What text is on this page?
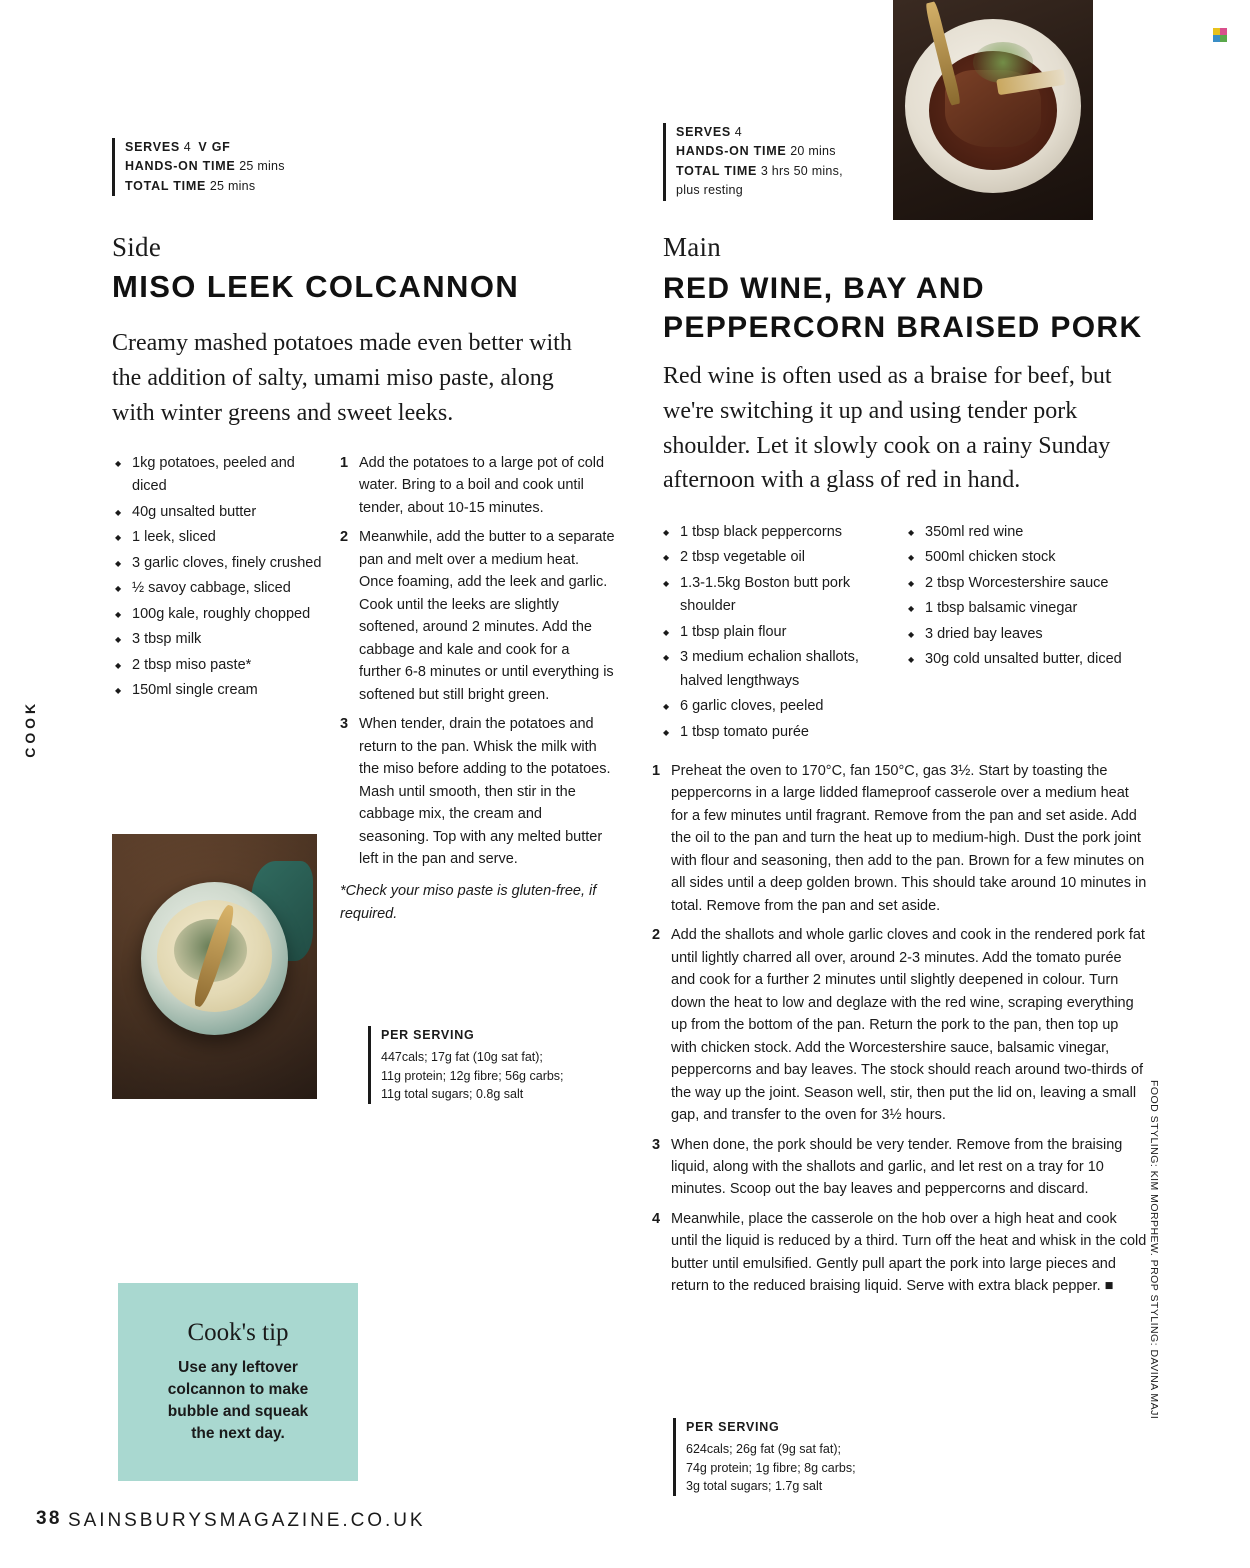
COOK
SERVES 4 V GF
HANDS-ON TIME 25 mins
TOTAL TIME 25 mins

Side

MISO LEEK COLCANNON

Creamy mashed potatoes made even better with the addition of salty, umami miso paste, along with winter greens and sweet leeks.

◆ 1kg potatoes, peeled and diced
◆ 40g unsalted butter
◆ 1 leek, sliced
◆ 3 garlic cloves, finely crushed
◆ ½ savoy cabbage, sliced
◆ 100g kale, roughly chopped
◆ 3 tbsp milk
◆ 2 tbsp miso paste*
◆ 150ml single cream
1 Add the potatoes to a large pot of cold water. Bring to a boil and cook until tender, about 10-15 minutes.
2 Meanwhile, add the butter to a separate pan and melt over a medium heat. Once foaming, add the leek and garlic. Cook until the leeks are slightly softened, around 2 minutes. Add the cabbage and kale and cook for a further 6-8 minutes or until everything is softened but still bright green.
3 When tender, drain the potatoes and return to the pan. Whisk the milk with the miso before adding to the potatoes. Mash until smooth, then stir in the cabbage mix, the cream and seasoning. Top with any melted butter left in the pan and serve.

*Check your miso paste is gluten-free, if required.

PER SERVING
447cals; 17g fat (10g sat fat);
11g protein; 12g fibre; 56g carbs;
11g total sugars; 0.8g salt
Cook's tip
Use any leftover
colcannon to make
bubble and squeak
the next day.
SERVES 4
HANDS-ON TIME 20 mins
TOTAL TIME 3 hrs 50 mins,
plus resting

Main

RED WINE, BAY AND PEPPERCORN BRAISED PORK

Red wine is often used as a braise for beef, but we're switching it up and using tender pork shoulder. Let it slowly cook on a rainy Sunday afternoon with a glass of red in hand.

◆ 1 tbsp black peppercorns
◆ 2 tbsp vegetable oil
◆ 1.3-1.5kg Boston butt pork shoulder
◆ 1 tbsp plain flour
◆ 3 medium echalion shallots, halved lengthways
◆ 6 garlic cloves, peeled
◆ 1 tbsp tomato purée
◆ 350ml red wine
◆ 500ml chicken stock
◆ 2 tbsp Worcestershire sauce
◆ 1 tbsp balsamic vinegar
◆ 3 dried bay leaves
◆ 30g cold unsalted butter, diced
1 Preheat the oven to 170°C, fan 150°C, gas 3½. Start by toasting the peppercorns in a large lidded flameproof casserole over a medium heat for a few minutes until fragrant. Remove from the pan and set aside. Add the oil to the pan and turn the heat up to medium-high. Dust the pork joint with flour and seasoning, then add to the pan. Brown for a few minutes on all sides until a deep golden brown. This should take around 10 minutes in total. Remove from the pan and set aside.
2 Add the shallots and whole garlic cloves and cook in the rendered pork fat until lightly charred all over, around 2-3 minutes. Add the tomato purée and cook for a further 2 minutes until slightly deepened in colour. Turn down the heat to low and deglaze with the red wine, scraping everything up from the bottom of the pan. Return the pork to the pan, then top up with chicken stock. Add the Worcestershire sauce, balsamic vinegar, peppercorns and bay leaves. The stock should reach around two-thirds of the way up the joint. Season well, stir, then put the lid on, leaving a small gap, and transfer to the oven for 3½ hours.
3 When done, the pork should be very tender. Remove from the braising liquid, along with the shallots and garlic, and let rest on a tray for 10 minutes. Scoop out the bay leaves and peppercorns and discard.
4 Meanwhile, place the casserole on the hob over a high heat and cook until the liquid is reduced by a third. Turn off the heat and whisk in the cold butter until emulsified. Gently pull apart the pork into large pieces and return to the reduced braising liquid. Serve with extra black pepper. ■
PER SERVING
624cals; 26g fat (9g sat fat);
74g protein; 1g fibre; 8g carbs;
3g total sugars; 1.7g salt
FOOD STYLING: KIM MORPHEW. PROP STYLING: DAVINA MAJI
38 SAINSBURYSMAGAZINE.CO.UK
